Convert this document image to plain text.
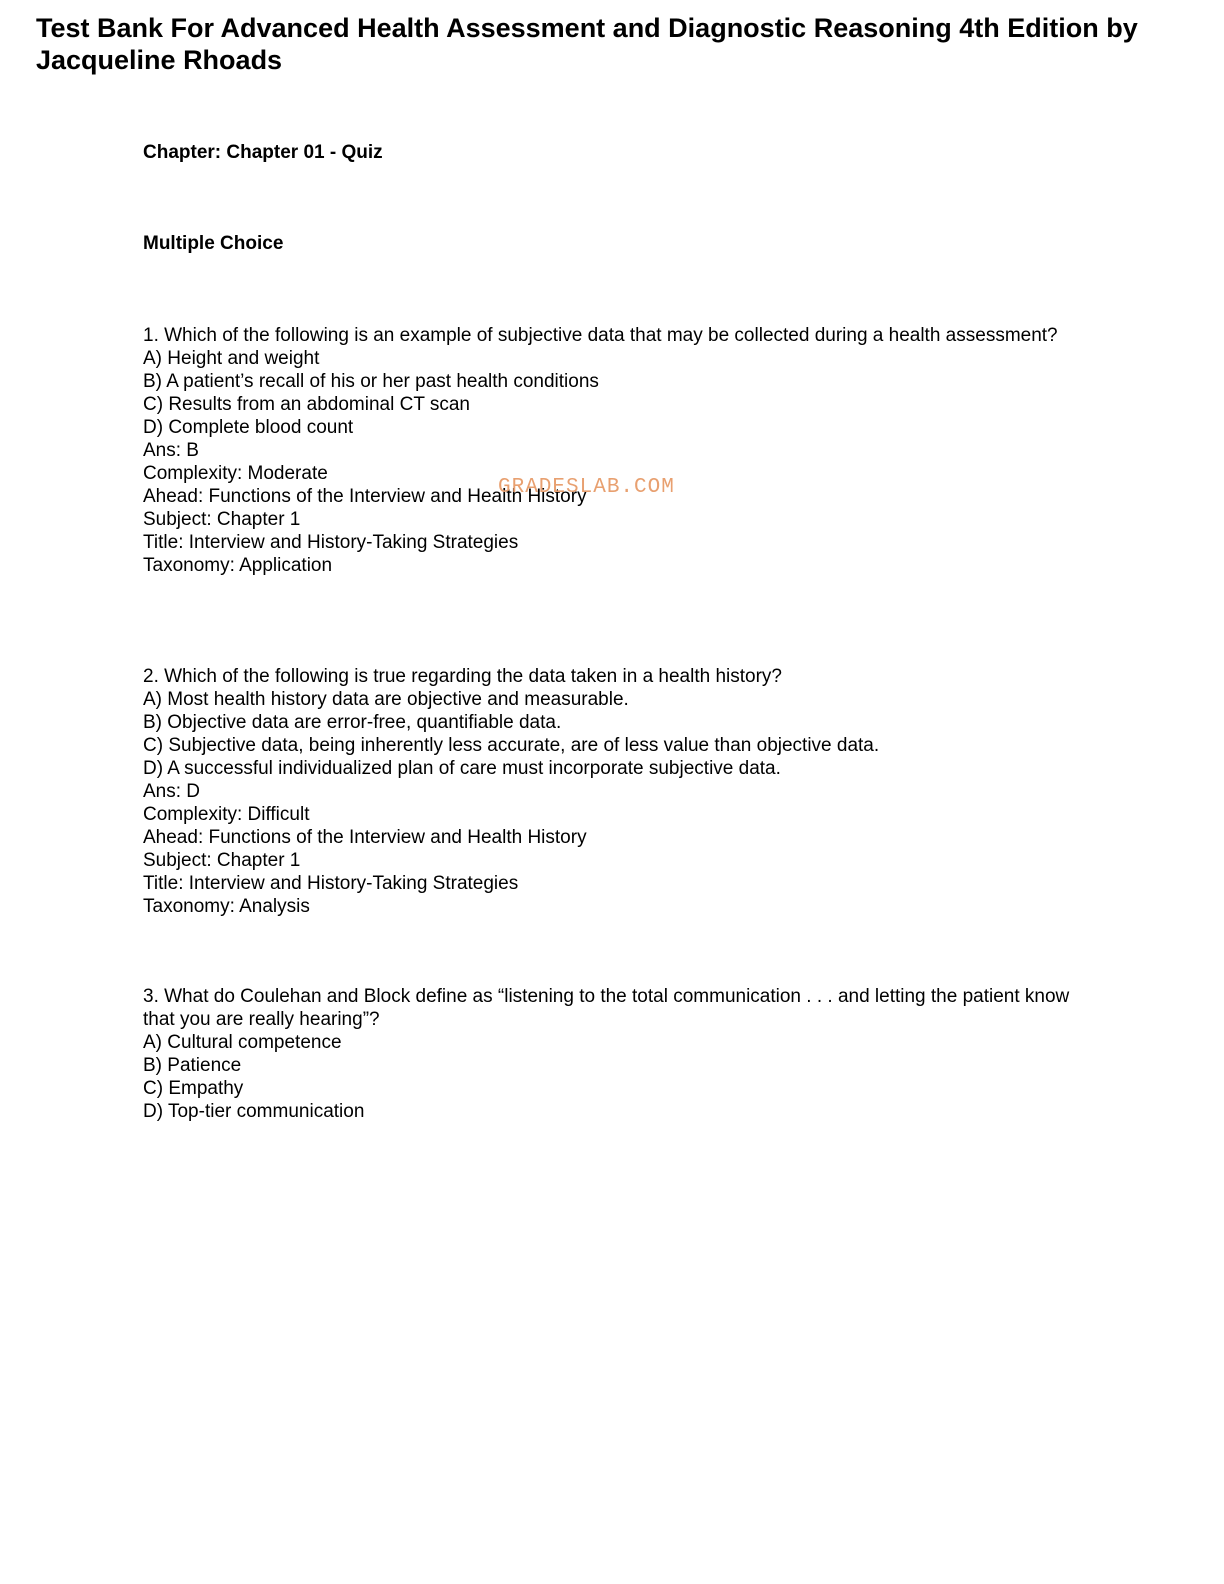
Test Bank For Advanced Health Assessment and Diagnostic Reasoning 4th Edition by Jacqueline Rhoads
Chapter: Chapter 01 - Quiz
Multiple Choice
1. Which of the following is an example of subjective data that may be collected during a health assessment?
A) Height and weight
B) A patient’s recall of his or her past health conditions
C) Results from an abdominal CT scan
D) Complete blood count
Ans: B
Complexity: Moderate
Ahead: Functions of the Interview and Health History
Subject: Chapter 1
Title: Interview and History-Taking Strategies
Taxonomy: Application
GRADESLAB.COM
2. Which of the following is true regarding the data taken in a health history?
A) Most health history data are objective and measurable.
B) Objective data are error-free, quantifiable data.
C) Subjective data, being inherently less accurate, are of less value than objective data.
D) A successful individualized plan of care must incorporate subjective data.
Ans: D
Complexity: Difficult
Ahead: Functions of the Interview and Health History
Subject: Chapter 1
Title: Interview and History-Taking Strategies
Taxonomy: Analysis
3. What do Coulehan and Block define as “listening to the total communication . . . and letting the patient know that you are really hearing”?
A) Cultural competence
B) Patience
C) Empathy
D) Top-tier communication
